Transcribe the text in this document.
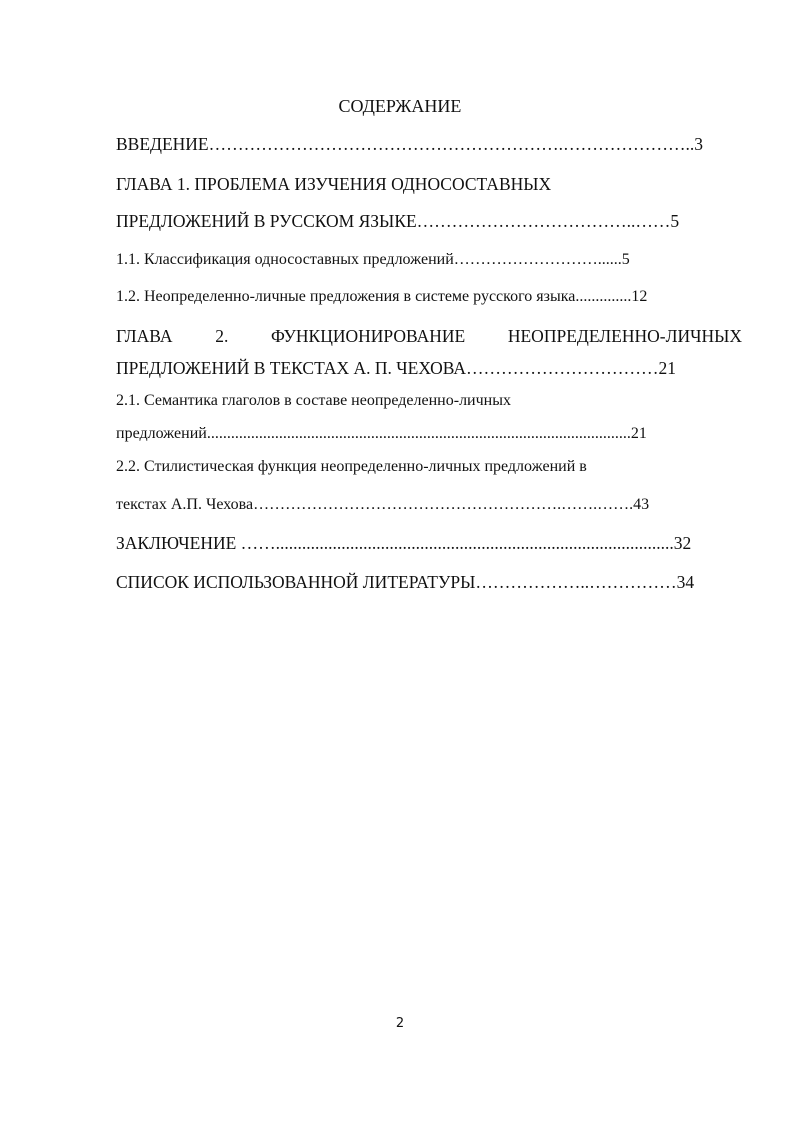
СОДЕРЖАНИЕ
ВВЕДЕНИЕ…………………………………………………….…………………..3
ГЛАВА 1. ПРОБЛЕМА ИЗУЧЕНИЯ ОДНОСОСТАВНЫХ
ПРЕДЛОЖЕНИЙ В РУССКОМ ЯЗЫКЕ………………………………..……5
1.1. Классификация односоставных предложений………………………......5
1.2. Неопределенно-личные предложения в системе русского языка..............12
ГЛАВА 2. ФУНКЦИОНИРОВАНИЕ НЕОПРЕДЕЛЕННО-ЛИЧНЫХ
ПРЕДЛОЖЕНИЙ В ТЕКСТАХ А. П. ЧЕХОВА……………………………21
2.1. Семантика глаголов в составе неопределенно-личных
предложений..........................................................................................................21
2.2. Стилистическая функция неопределенно-личных предложений в
текстах А.П. Чехова………………………………………………….…….…….43
ЗАКЛЮЧЕНИЕ ……...........................................................................................32
СПИСОК ИСПОЛЬЗОВАННОЙ ЛИТЕРАТУРЫ………………..……………34
2
